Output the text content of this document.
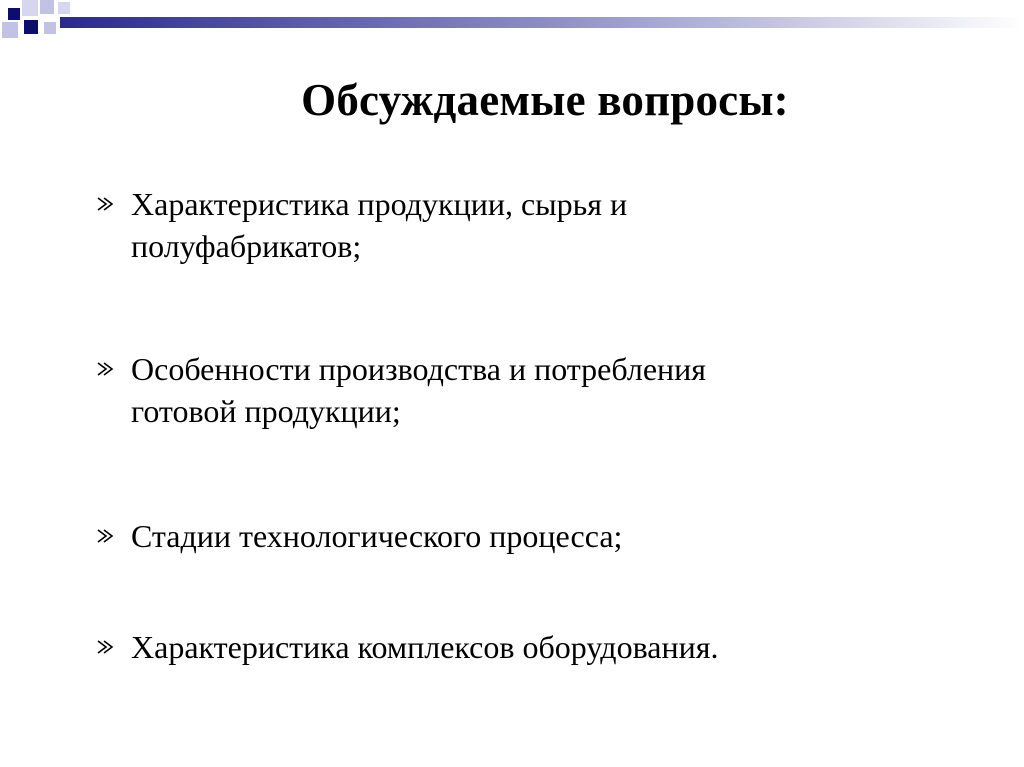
Обсуждаемые вопросы:
Характеристика продукции, сырья и
полуфабрикатов;
Особенности производства и потребления
готовой продукции;
Стадии технологического процесса;
Характеристика комплексов оборудования.
